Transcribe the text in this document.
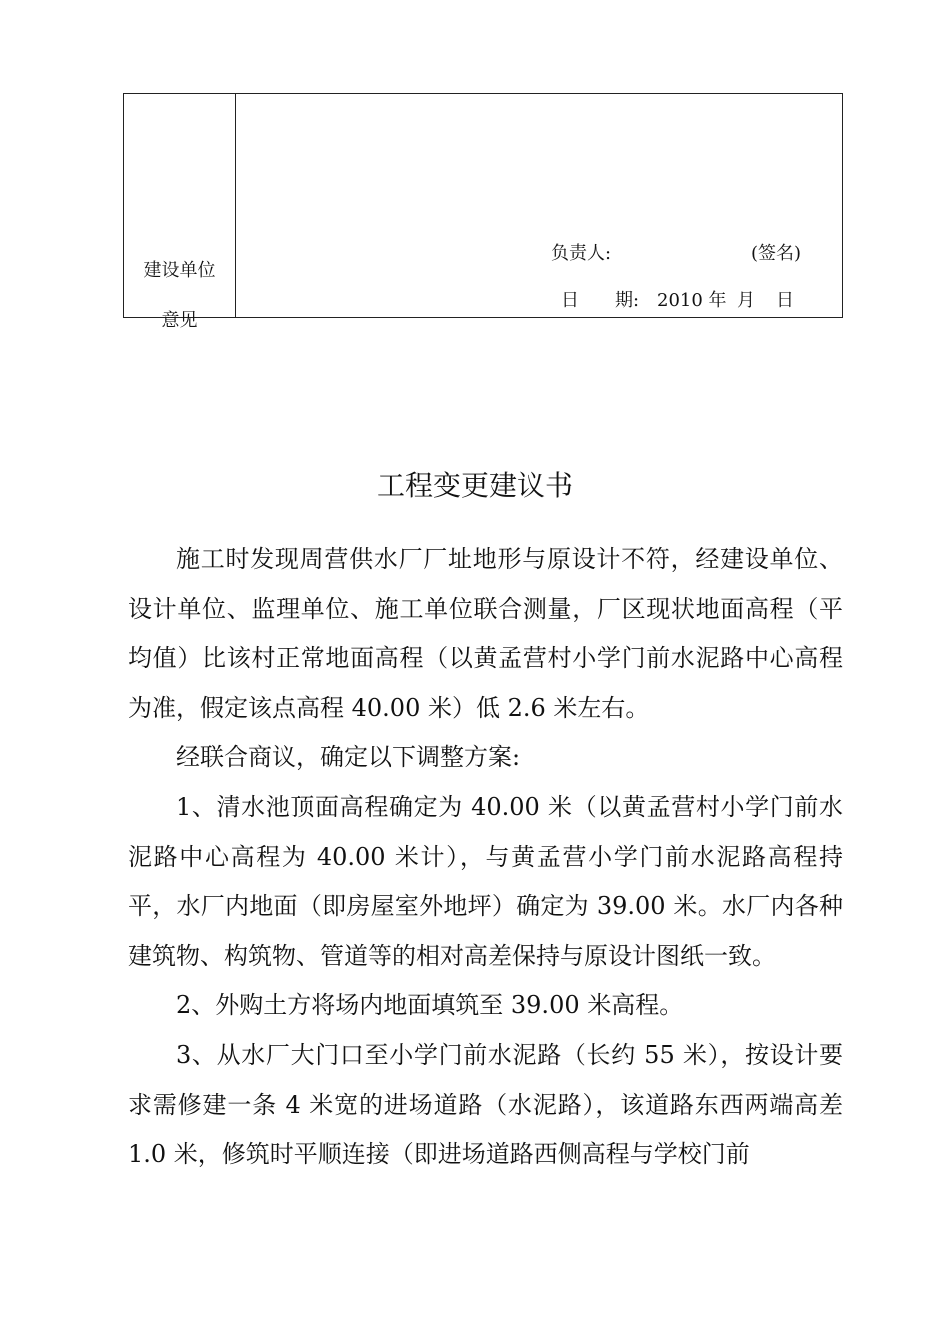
建设单位
意见
负责人:	(签名)
日　　期: 2010 年 月 日
工程变更建议书

施工时发现周营供水厂厂址地形与原设计不符，经建设单位、设计单位、监理单位、施工单位联合测量，厂区现状地面高程（平均值）比该村正常地面高程（以黄孟营村小学门前水泥路中心高程为准，假定该点高程 40.00 米）低 2.6 米左右。

经联合商议，确定以下调整方案:

1、清水池顶面高程确定为 40.00 米（以黄孟营村小学门前水泥路中心高程为 40.00 米计），与黄孟营小学门前水泥路高程持平，水厂内地面（即房屋室外地坪）确定为 39.00 米。水厂内各种建筑物、构筑物、管道等的相对高差保持与原设计图纸一致。

2、外购土方将场内地面填筑至 39.00 米高程。

3、从水厂大门口至小学门前水泥路（长约 55 米），按设计要求需修建一条 4 米宽的进场道路（水泥路），该道路东西两端高差 1.0 米，修筑时平顺连接（即进场道路西侧高程与学校门前
